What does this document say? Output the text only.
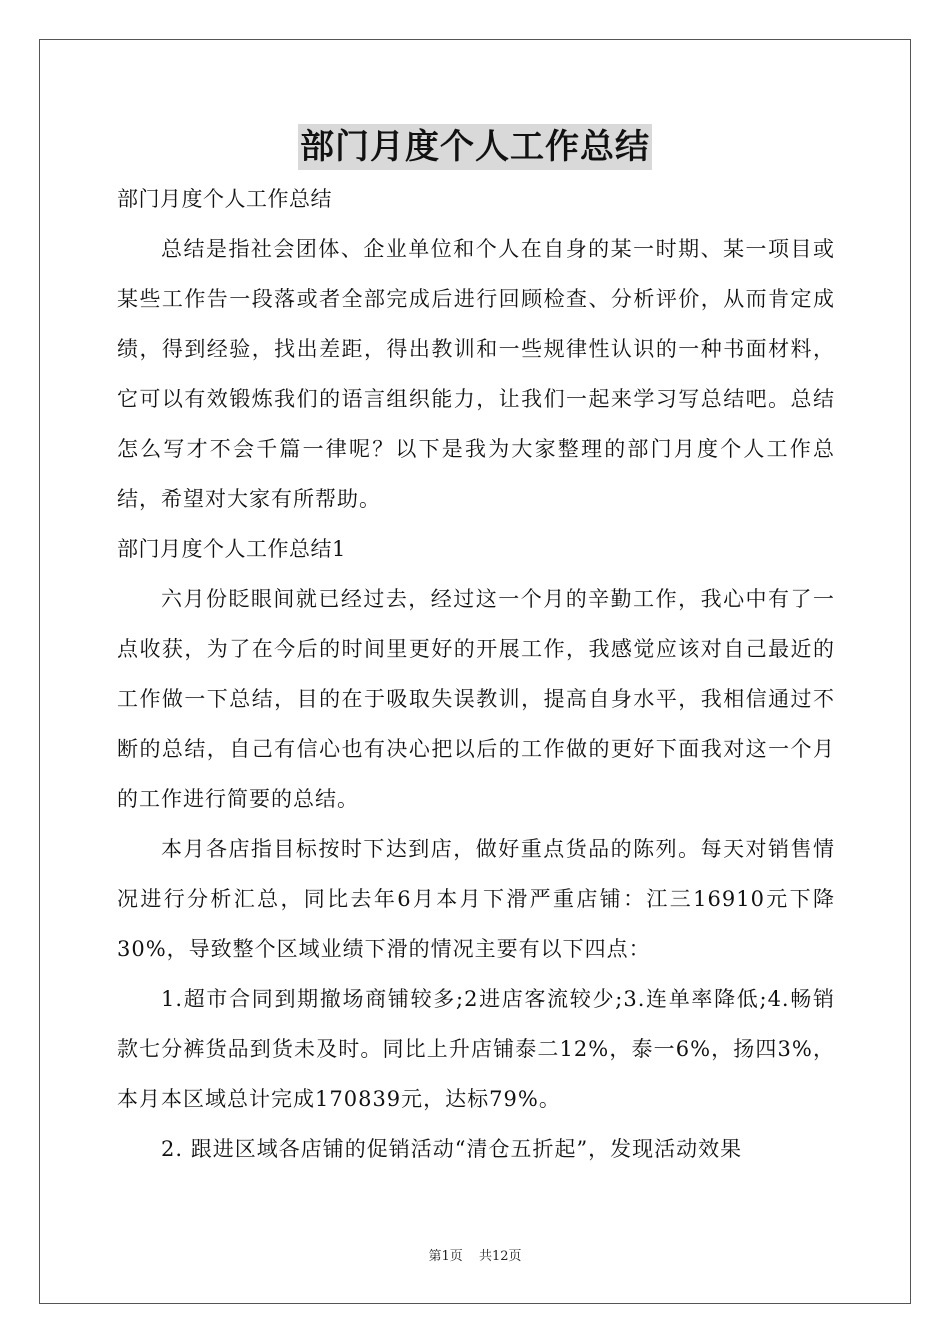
部门月度个人工作总结

部门月度个人工作总结

总结是指社会团体、企业单位和个人在自身的某一时期、某一项目或某些工作告一段落或者全部完成后进行回顾检查、分析评价，从而肯定成绩，得到经验，找出差距，得出教训和一些规律性认识的一种书面材料，它可以有效锻炼我们的语言组织能力，让我们一起来学习写总结吧。总结怎么写才不会千篇一律呢？以下是我为大家整理的部门月度个人工作总结，希望对大家有所帮助。

部门月度个人工作总结1

六月份眨眼间就已经过去，经过这一个月的辛勤工作，我心中有了一点收获，为了在今后的时间里更好的开展工作，我感觉应该对自己最近的工作做一下总结，目的在于吸取失误教训，提高自身水平，我相信通过不断的总结，自己有信心也有决心把以后的工作做的更好下面我对这一个月的工作进行简要的总结。

本月各店指目标按时下达到店，做好重点货品的陈列。每天对销售情况进行分析汇总，同比去年6月本月下滑严重店铺：江三16910元下降30%，导致整个区域业绩下滑的情况主要有以下四点：

1.超市合同到期撤场商铺较多;2进店客流较少;3.连单率降低;4.畅销款七分裤货品到货未及时。同比上升店铺泰二12%，泰一6%，扬四3%，本月本区域总计完成170839元，达标79%。

2. 跟进区域各店铺的促销活动“清仓五折起”，发现活动效果

第1页 共12页
